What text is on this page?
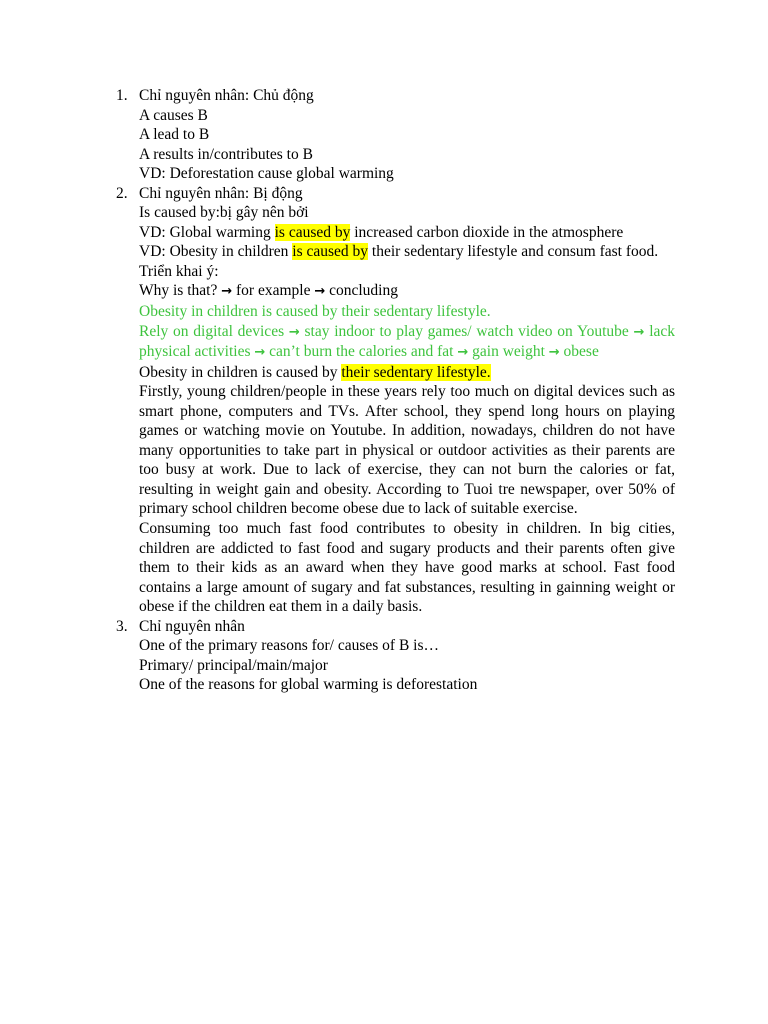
1. Chỉ nguyên nhân: Chủ động
A causes B
A lead to B
A results in/contributes to B
VD: Deforestation cause global warming
2. Chỉ nguyên nhân: Bị động
Is caused by:bị gây nên bởi
VD: Global warming is caused by increased carbon dioxide in the atmosphere
VD: Obesity in children is caused by their sedentary lifestyle and consum fast food.
Triển khai ý:
Why is that? → for example → concluding
Obesity in children is caused by their sedentary lifestyle.
Rely on digital devices → stay indoor to play games/ watch video on Youtube → lack physical activities → can’t burn the calories and fat → gain weight → obese
Obesity in children is caused by their sedentary lifestyle.
Firstly, young children/people in these years rely too much on digital devices such as smart phone, computers and TVs. After school, they spend long hours on playing games or watching movie on Youtube. In addition, nowadays, children do not have many opportunities to take part in physical or outdoor activities as their parents are too busy at work. Due to lack of exercise, they can not burn the calories or fat, resulting in weight gain and obesity. According to Tuoi tre newspaper, over 50% of primary school children become obese due to lack of suitable exercise.
Consuming too much fast food contributes to obesity in children. In big cities, children are addicted to fast food and sugary products and their parents often give them to their kids as an award when they have good marks at school. Fast food contains a large amount of sugary and fat substances, resulting in gainning weight or obese if the children eat them in a daily basis.
3. Chỉ nguyên nhân
One of the primary reasons for/ causes of B is…
Primary/ principal/main/major
One of the reasons for global warming is deforestation
